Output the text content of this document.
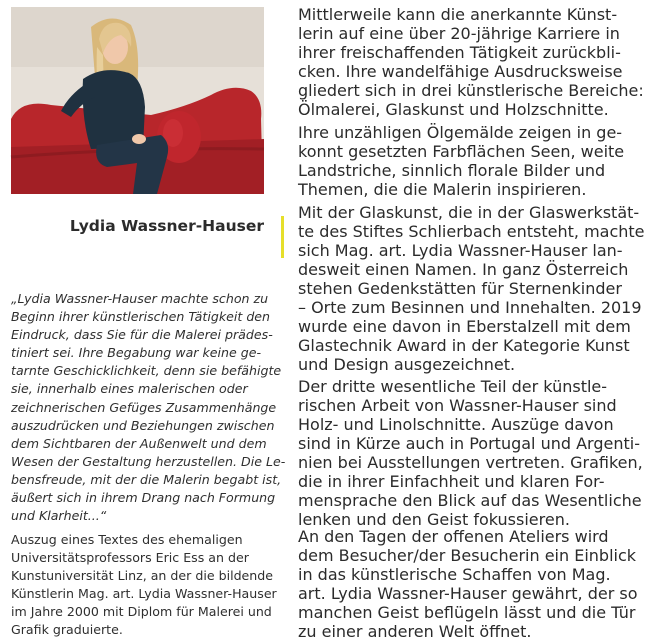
Lydia Wassner-Hauser
„Lydia Wassner-Hauser machte schon zu
Beginn ihrer künstlerischen Tätigkeit den
Eindruck, dass Sie für die Malerei prädes-
tiniert sei. Ihre Begabung war keine ge-
tarnte Geschicklichkeit, denn sie befähigte
sie, innerhalb eines malerischen oder
zeichnerischen Gefüges Zusammenhänge
auszudrücken und Beziehungen zwischen
dem Sichtbaren der Außenwelt und dem
Wesen der Gestaltung herzustellen. Die Le-
bensfreude, mit der die Malerin begabt ist,
äußert sich in ihrem Drang nach Formung
und Klarheit...“
Auszug eines Textes des ehemaligen
Universitätsprofessors Eric Ess an der
Kunstuniversität Linz, an der die bildende
Künstlerin Mag. art. Lydia Wassner-Hauser
im Jahre 2000 mit Diplom für Malerei und
Grafik graduierte.
Mittlerweile kann die anerkannte Künst-
lerin auf eine über 20-jährige Karriere in
ihrer freischaffenden Tätigkeit zurückbli-
cken. Ihre wandelfähige Ausdrucksweise
gliedert sich in drei künstlerische Bereiche:
Ölmalerei, Glaskunst und Holzschnitte.
Ihre unzähligen Ölgemälde zeigen in ge-
konnt gesetzten Farbflächen Seen, weite
Landstriche, sinnlich florale Bilder und
Themen, die die Malerin inspirieren.
Mit der Glaskunst, die in der Glaswerkstät-
te des Stiftes Schlierbach entsteht, machte
sich Mag. art. Lydia Wassner-Hauser lan-
desweit einen Namen. In ganz Österreich
stehen Gedenkstätten für Sternenkinder
– Orte zum Besinnen und Innehalten. 2019
wurde eine davon in Eberstalzell mit dem
Glastechnik Award in der Kategorie Kunst
und Design ausgezeichnet.
Der dritte wesentliche Teil der künstle-
rischen Arbeit von Wassner-Hauser sind
Holz- und Linolschnitte. Auszüge davon
sind in Kürze auch in Portugal und Argenti-
nien bei Ausstellungen vertreten. Grafiken,
die in ihrer Einfachheit und klaren For-
mensprache den Blick auf das Wesentliche
lenken und den Geist fokussieren.
An den Tagen der offenen Ateliers wird
dem Besucher/der Besucherin ein Einblick
in das künstlerische Schaffen von Mag.
art. Lydia Wassner-Hauser gewährt, der so
manchen Geist beflügeln lässt und die Tür
zu einer anderen Welt öffnet.
